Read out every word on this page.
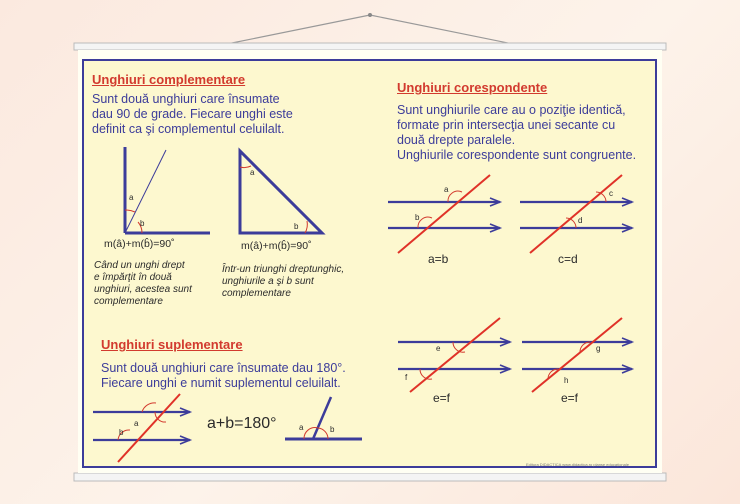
Unghiuri complementare
Sunt două unghiuri care însumate
dau 90 de grade. Fiecare unghi este
definit ca şi complementul celuilalt.
a
b
m(â)+m(b̂)=90˚
Când un unghi drept
e împărţit în două
unghiuri, acestea sunt
complementare
a
b
m(â)+m(b̂)=90˚
Într-un triunghi dreptunghic,
unghiurile a şi b sunt
complementare
Unghiuri corespondente
Sunt unghiurile care au o poziţie identică,
formate prin intersecţia unei secante cu
două drepte paralele.
Unghiurile corespondente sunt congruente.
a
b
a=b
c
d
c=d
e
f
e=f
g
h
e=f
Unghiuri suplementare
Sunt două unghiuri care însumate dau 180°.
Fiecare unghi e numit suplementul celuilalt.
a
b
a+b=180°	a	b
Editura DIDACTICA www.didactica.ro planşe educaţionale
